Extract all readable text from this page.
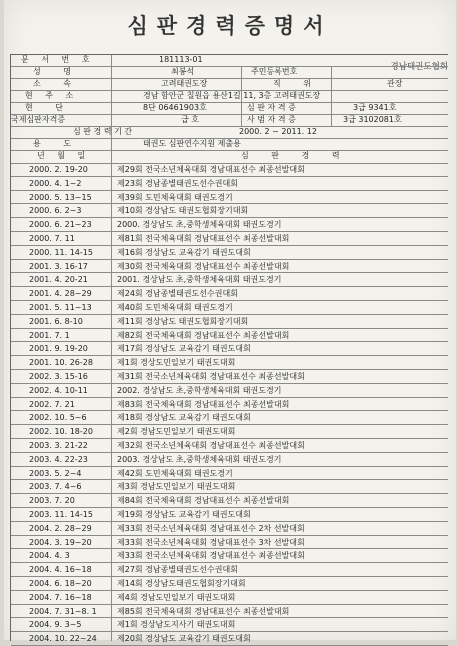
심판경력증명서
경남태권도협회
문 서 번 호	181113-01
성 명	최봉석	주민등록번호
소 속	고려태권도장	직 위	관장
현 주 소	경남 함안군 칠원읍 용산1길 11, 3층 고려태권도장
현 단	8단 06461903호	심 판 자 격 증	3급 9341호
국제심판자격증	급 호	사 범 자 격 증	3급 3102081호
심 판 경 력 기 간	2000. 2 ~ 2011. 12
용 도	태권도 심판연수지원 제출용
년 월 일	심 판 경 력
2000. 2. 19-20	제29회 전국소년체육대회 경남대표선수 최종선발대회
2000. 4. 1~2	제23회 경남종별태권도선수권대회
2000. 5. 13~15	제39회 도민체육대회 태권도경기
2000. 6. 2~3	제10회 경상남도 태권도협회장기대회
2000. 6. 21~23	2000. 경상남도 초,중학생체육대회 태권도경기
2000. 7. 11	제81회 전국체육대회 경남대표선수 최종선발대회
2000. 11. 14-15	제16회 경상남도 교육감기 태권도대회
2001. 3. 16-17	제30회 전국체육대회 경남대표선수 최종선발대회
2001. 4. 20-21	2001. 경상남도 초,중학생체육대회 태권도경기
2001. 4. 28~29	제24회 경남종별태권도선수권대회
2001. 5. 11~13	제40회 도민체육대회 태권도경기
2001. 6. 8-10	제11회 경상남도 태권도협회장기대회
2001. 7. 1	제82회 전국체육대회 경남대표선수 최종선발대회
2001. 9. 19-20	제17회 경상남도 교육감기 태권도대회
2001. 10. 26-28	제1회 경상도민일보기 태권도대회
2002. 3. 15-16	제31회 전국소년체육대회 경남대표선수 최종선발대회
2002. 4. 10-11	2002. 경상남도 초,중학생체육대회 태권도경기
2002. 7. 21	제83회 전국체육대회 경남대표선수 최종선발대회
2002. 10. 5~6	제18회 경상남도 교육감기 태권도대회
2002. 10. 18-20	제2회 경남도민일보기 태권도대회
2003. 3. 21-22	제32회 전국소년체육대회 경남대표선수 최종선발대회
2003. 4. 22-23	2003. 경상남도 초,중학생체육대회 태권도경기
2003. 5. 2~4	제42회 도민체육대회 태권도경기
2003. 7. 4~6	제3회 경남도민일보기 태권도대회
2003. 7. 20	제84회 전국체육대회 경남대표선수 최종선발대회
2003. 11. 14-15	제19회 경상남도 교육감기 태권도대회
2004. 2. 28~29	제33회 전국소년체육대회 경남대표선수 2차 선발대회
2004. 3. 19~20	제33회 전국소년체육대회 경남대표선수 3차 선발대회
2004. 4. 3	제33회 전국소년체육대회 경남대표선수 최종선발대회
2004. 4. 16~18	제27회 경남종별태권도선수권대회
2004. 6. 18~20	제14회 경상남도태권도협회장기대회
2004. 7. 16~18	제4회 경남도민일보기 태권도대회
2004. 7. 31~8. 1	제85회 전국체육대회 경남대표선수 최종선발대회
2004. 9. 3~5	제1회 경상남도지사기 태권도대회
2004. 10. 22~24	제20회 경상남도 교육감기 태권도대회
